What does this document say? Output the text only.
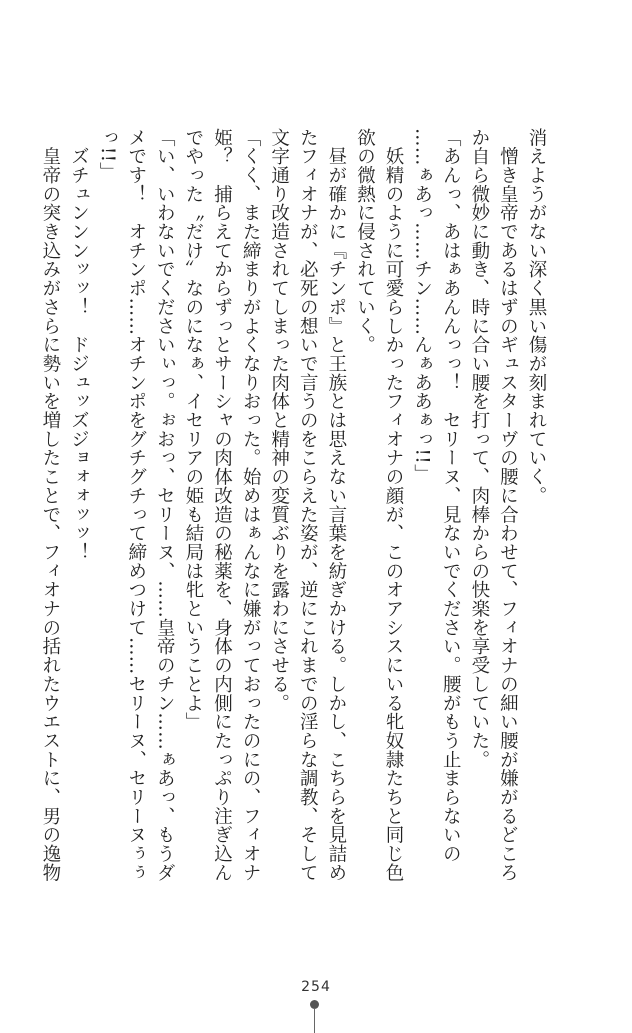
消えようがない深く黒い傷が刻まれていく。
　憎き皇帝であるはずのギュスターヴの腰に合わせて、フィオナの細い腰が嫌がるどころ
か自ら微妙に動き、時に合い腰を打って、肉棒からの快楽を享受していた。
「あんっ、あはぁあんんっっ！　セリーヌ、見ないでください。腰がもう止まらないの
……ぁあっ……チン……んぁああぁっ!!」
　妖精のように可愛らしかったフィオナの顔が、このオアシスにいる牝奴隷たちと同じ色
欲の微熱に侵されていく。
　昼が確かに『チンポ』と王族とは思えない言葉を紡ぎかける。しかし、こちらを見詰め
たフィオナが、必死の想いで言うのをこらえた姿が、逆にこれまでの淫らな調教、そして
文字通り改造されてしまった肉体と精神の変質ぶりを露わにさせる。
「くく、また締まりがよくなりおった。始めはぁんなに嫌がっておったのにの、フィオナ
姫？　捕らえてからずっとサーシャの肉体改造の秘薬を、身体の内側にたっぷり注ぎ込ん
でやった〝だけ〟なのになぁ、イセリアの姫も結局は牝ということよ」
「い、いわないでくださいぃっ。ぉおっ、セリーヌ、……皇帝のチン……ぁあっ、もうダ
メです！　オチンポ……オチンポをグチグチって締めつけて……セリーヌ、セリーヌぅぅ
っ!!」
　ズチュンンンッッ！　ドジュッズジョォォッッ！
　皇帝の突き込みがさらに勢いを増したことで、フィオナの括れたウエストに、男の逸物
254
